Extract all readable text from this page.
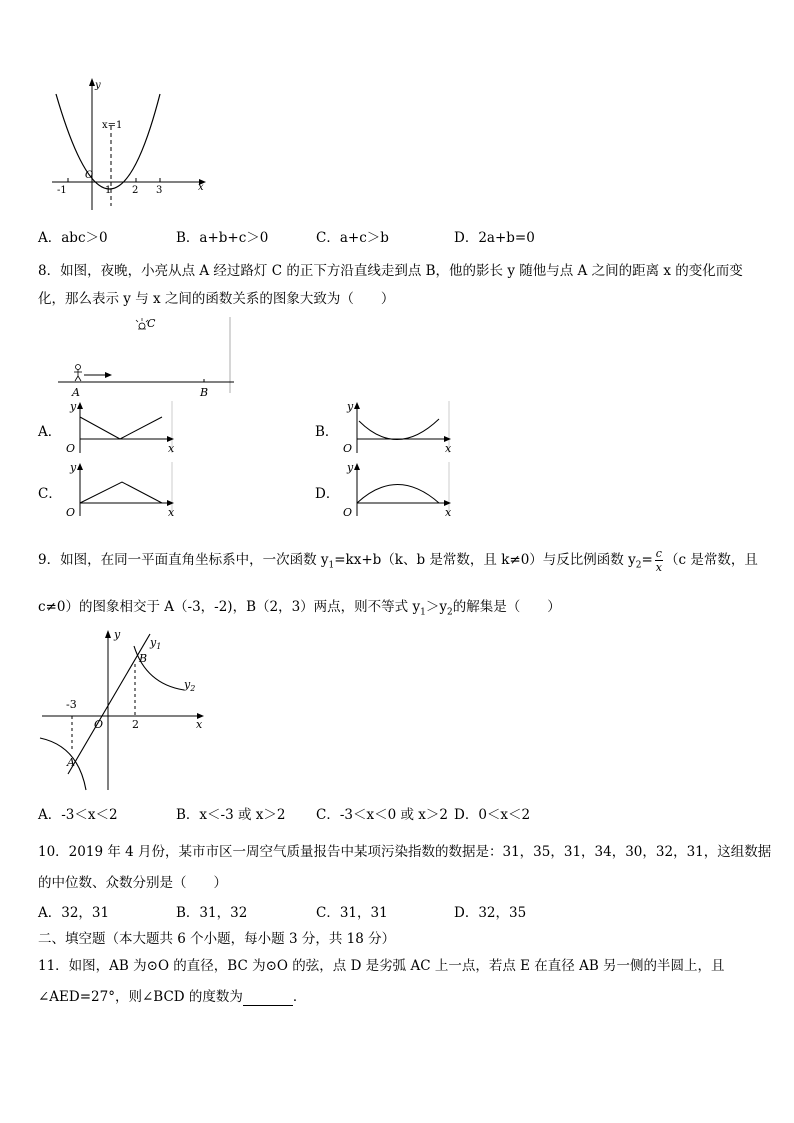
y
x
x=1
O
-1	1 2 3
A．abc＞0	B．a+b+c＞0	C．a+c＞b	D．2a+b=0
8．如图，夜晚，小亮从点 A 经过路灯 C 的正下方沿直线走到点 B，他的影长 y 随他与点 A 之间的距离 x 的变化而变
化，那么表示 y 与 x 之间的函数关系的图象大致为（　　）
C
A	B
A．
y
O	x
B．
y
O	x
C．
y
O	x
D．
y
O	x
9．如图，在同一平面直角坐标系中，一次函数 $y_1=kx+b(k$、b 是常数，且 k≠0）与反比例函数 $y_2= \frac{c}{x} (c$ 是常数，且
c≠0）的图象相交于 A（-3，-2)，B（2，3）两点，则不等式 $y_1>y_2$的解集是（　　）
y
x
O
A
B
-3
2
$y_1$
$y_2$
A．-3＜x＜2	B．x＜-3 或 x＞2 C．-3＜x＜0 或 x＞2 D．0＜x＜2
10．2019 年 4 月份，某市市区一周空气质量报告中某项污染指数的数据是：31，35，31，34，30，32，31，这组数据
的中位数、众数分别是（　　）
A．32，31	B．31，32	C．31，31	D．32，35
二、填空题（本大题共 6 个小题，每小题 3 分，共 18 分）
11．如图，AB 为⊙O 的直径，BC 为⊙O 的弦，点 D 是劣弧 AC 上一点，若点 E 在直径 AB 另一侧的半圆上，且
∠AED=27°，则∠BCD 的度数为	．
